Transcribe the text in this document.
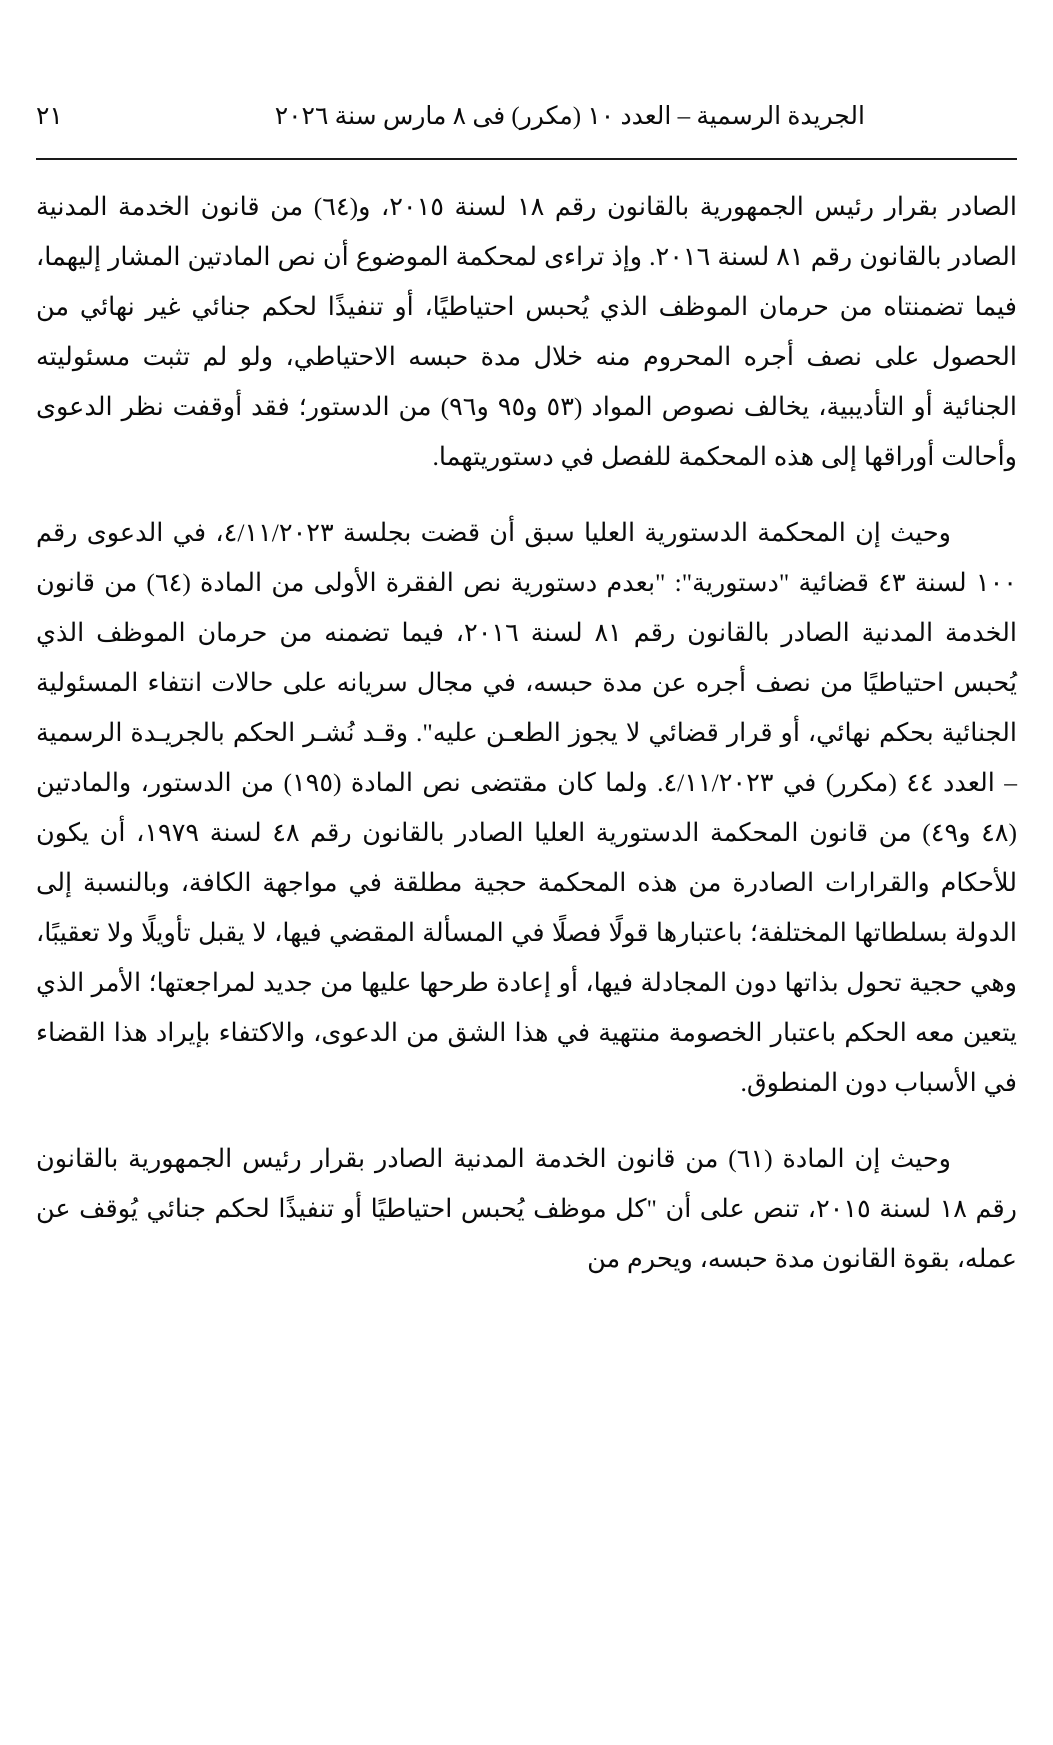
الجريدة الرسمية – العدد ١٠ (مكرر) فى ٨ مارس سنة ٢٠٢٦
٢١

الصادر بقرار رئيس الجمهورية بالقانون رقم ١٨ لسنة ٢٠١٥، و(٦٤) من قانون الخدمة المدنية الصادر بالقانون رقم ٨١ لسنة ٢٠١٦. وإذ تراءى لمحكمة الموضوع أن نص المادتين المشار إليهما، فيما تضمنتاه من حرمان الموظف الذي يُحبس احتياطيًا، أو تنفيذًا لحكم جنائي غير نهائي من الحصول على نصف أجره المحروم منه خلال مدة حبسه الاحتياطي، ولو لم تثبت مسئوليته الجنائية أو التأديبية، يخالف نصوص المواد (٥٣ و٩٥ و٩٦) من الدستور؛ فقد أوقفت نظر الدعوى وأحالت أوراقها إلى هذه المحكمة للفصل في دستوريتهما.

وحيث إن المحكمة الدستورية العليا سبق أن قضت بجلسة ٤/١١/٢٠٢٣، في الدعوى رقم ١٠٠ لسنة ٤٣ قضائية "دستورية": "بعدم دستورية نص الفقرة الأولى من المادة (٦٤) من قانون الخدمة المدنية الصادر بالقانون رقم ٨١ لسنة ٢٠١٦، فيما تضمنه من حرمان الموظف الذي يُحبس احتياطيًا من نصف أجره عن مدة حبسه، في مجال سريانه على حالات انتفاء المسئولية الجنائية بحكم نهائي، أو قرار قضائي لا يجوز الطعـن عليه". وقـد نُشـر الحكم بالجريـدة الرسمية – العدد ٤٤ (مكرر) في ٤/١١/٢٠٢٣. ولما كان مقتضى نص المادة (١٩٥) من الدستور، والمادتين (٤٨ و٤٩) من قانون المحكمة الدستورية العليا الصادر بالقانون رقم ٤٨ لسنة ١٩٧٩، أن يكون للأحكام والقرارات الصادرة من هذه المحكمة حجية مطلقة في مواجهة الكافة، وبالنسبة إلى الدولة بسلطاتها المختلفة؛ باعتبارها قولًا فصلًا في المسألة المقضي فيها، لا يقبل تأويلًا ولا تعقيبًا، وهي حجية تحول بذاتها دون المجادلة فيها، أو إعادة طرحها عليها من جديد لمراجعتها؛ الأمر الذي يتعين معه الحكم باعتبار الخصومة منتهية في هذا الشق من الدعوى، والاكتفاء بإيراد هذا القضاء في الأسباب دون المنطوق.

وحيث إن المادة (٦١) من قانون الخدمة المدنية الصادر بقرار رئيس الجمهورية بالقانون رقم ١٨ لسنة ٢٠١٥، تنص على أن "كل موظف يُحبس احتياطيًا أو تنفيذًا لحكم جنائي يُوقف عن عمله، بقوة القانون مدة حبسه، ويحرم من
